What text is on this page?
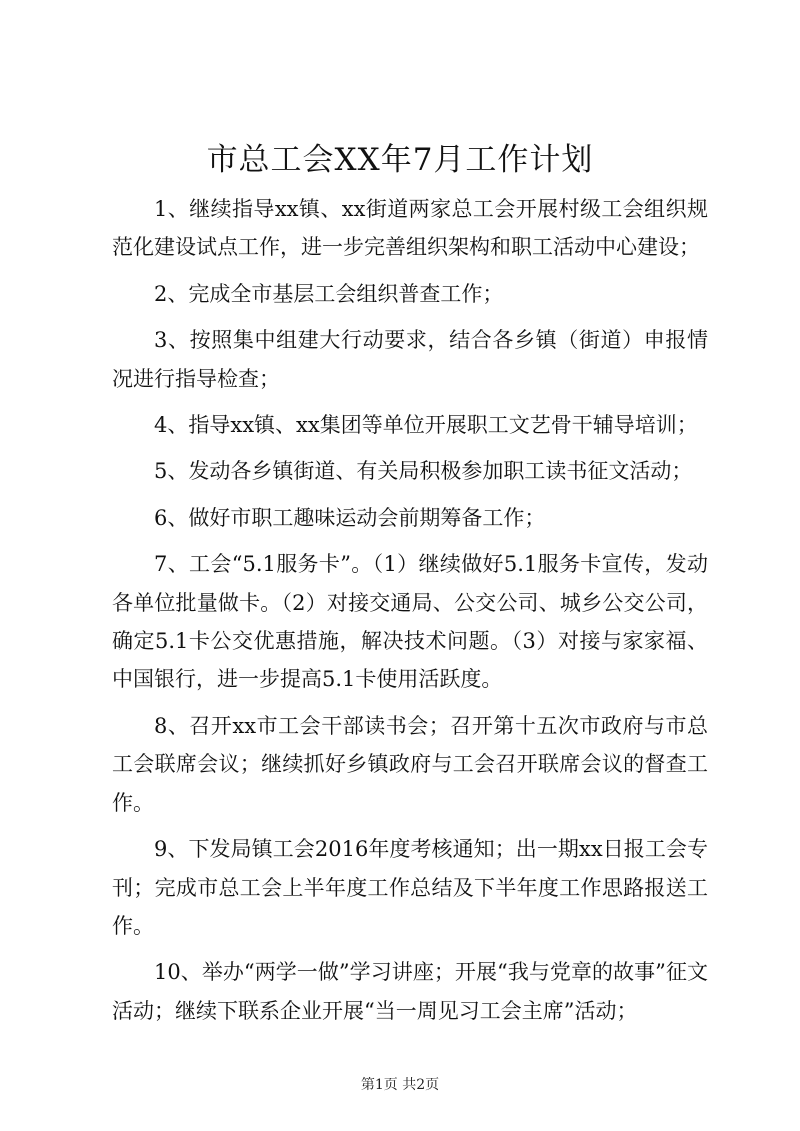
市总工会XX年7月工作计划

1、继续指导xx镇、xx街道两家总工会开展村级工会组织规范化建设试点工作，进一步完善组织架构和职工活动中心建设；

2、完成全市基层工会组织普查工作；

3、按照集中组建大行动要求，结合各乡镇（街道）申报情况进行指导检查；

4、指导xx镇、xx集团等单位开展职工文艺骨干辅导培训；

5、发动各乡镇街道、有关局积极参加职工读书征文活动；

6、做好市职工趣味运动会前期筹备工作；

7、工会“5.1服务卡”。（1）继续做好5.1服务卡宣传，发动各单位批量做卡。（2）对接交通局、公交公司、城乡公交公司，确定5.1卡公交优惠措施，解决技术问题。（3）对接与家家福、中国银行，进一步提高5.1卡使用活跃度。

8、召开xx市工会干部读书会；召开第十五次市政府与市总工会联席会议；继续抓好乡镇政府与工会召开联席会议的督查工作。

9、下发局镇工会2016年度考核通知；出一期xx日报工会专刊；完成市总工会上半年度工作总结及下半年度工作思路报送工作。

10、举办“两学一做”学习讲座；开展“我与党章的故事”征文活动；继续下联系企业开展“当一周见习工会主席”活动；

第1页 共2页
